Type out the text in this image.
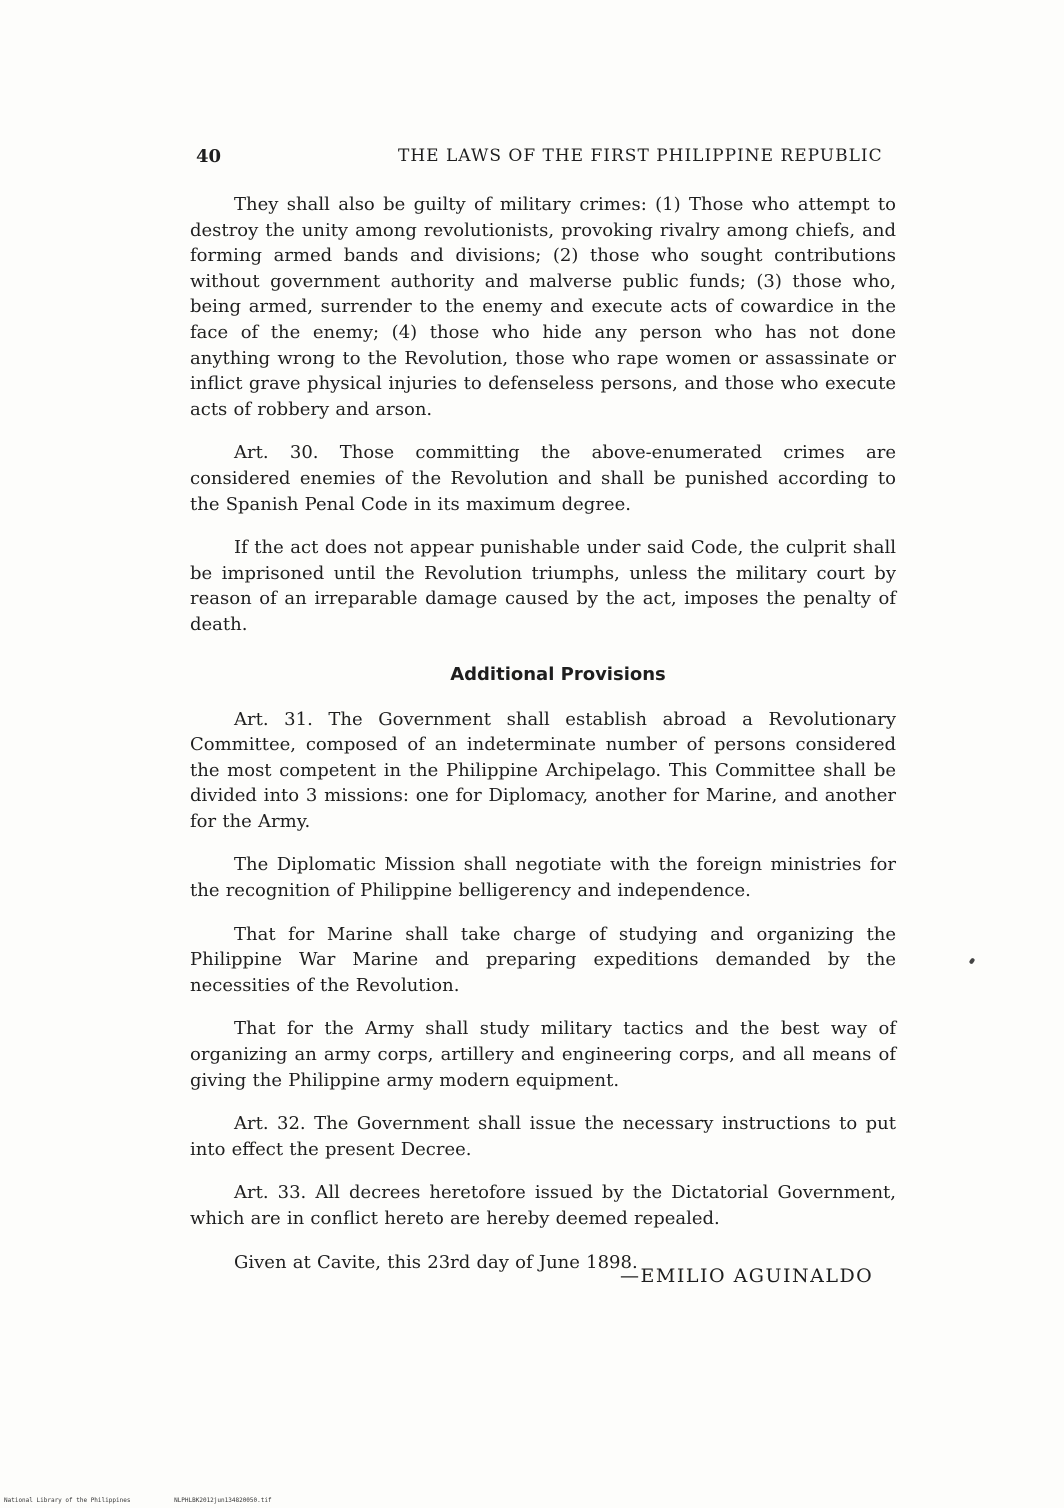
40	THE LAWS OF THE FIRST PHILIPPINE REPUBLIC

They shall also be guilty of military crimes: (1) Those who attempt to destroy the unity among revolutionists, provoking rivalry among chiefs, and forming armed bands and divisions; (2) those who sought contributions without government authority and malverse public funds; (3) those who, being armed, surrender to the enemy and execute acts of cowardice in the face of the enemy; (4) those who hide any person who has not done anything wrong to the Revolution, those who rape women or assassinate or inflict grave physical injuries to defenseless persons, and those who execute acts of robbery and arson.

Art. 30. Those committing the above-enumerated crimes are considered enemies of the Revolution and shall be punished according to the Spanish Penal Code in its maximum degree.

If the act does not appear punishable under said Code, the culprit shall be imprisoned until the Revolution triumphs, unless the military court by reason of an irreparable damage caused by the act, imposes the penalty of death.

Additional Provisions

Art. 31. The Government shall establish abroad a Revolutionary Committee, composed of an indeterminate number of persons considered the most competent in the Philippine Archipelago. This Committee shall be divided into 3 missions: one for Diplomacy, another for Marine, and another for the Army.

The Diplomatic Mission shall negotiate with the foreign ministries for the recognition of Philippine belligerency and independence.

That for Marine shall take charge of studying and organizing the Philippine War Marine and preparing expeditions demanded by the necessities of the Revolution.

That for the Army shall study military tactics and the best way of organizing an army corps, artillery and engineering corps, and all means of giving the Philippine army modern equipment.

Art. 32. The Government shall issue the necessary instructions to put into effect the present Decree.

Art. 33. All decrees heretofore issued by the Dictatorial Government, which are in conflict hereto are hereby deemed repealed.

Given at Cavite, this 23rd day of June 1898.

—EMILIO AGUINALDO
National Library of the Philippines	NLPHLBK2012jun134820050.tif
